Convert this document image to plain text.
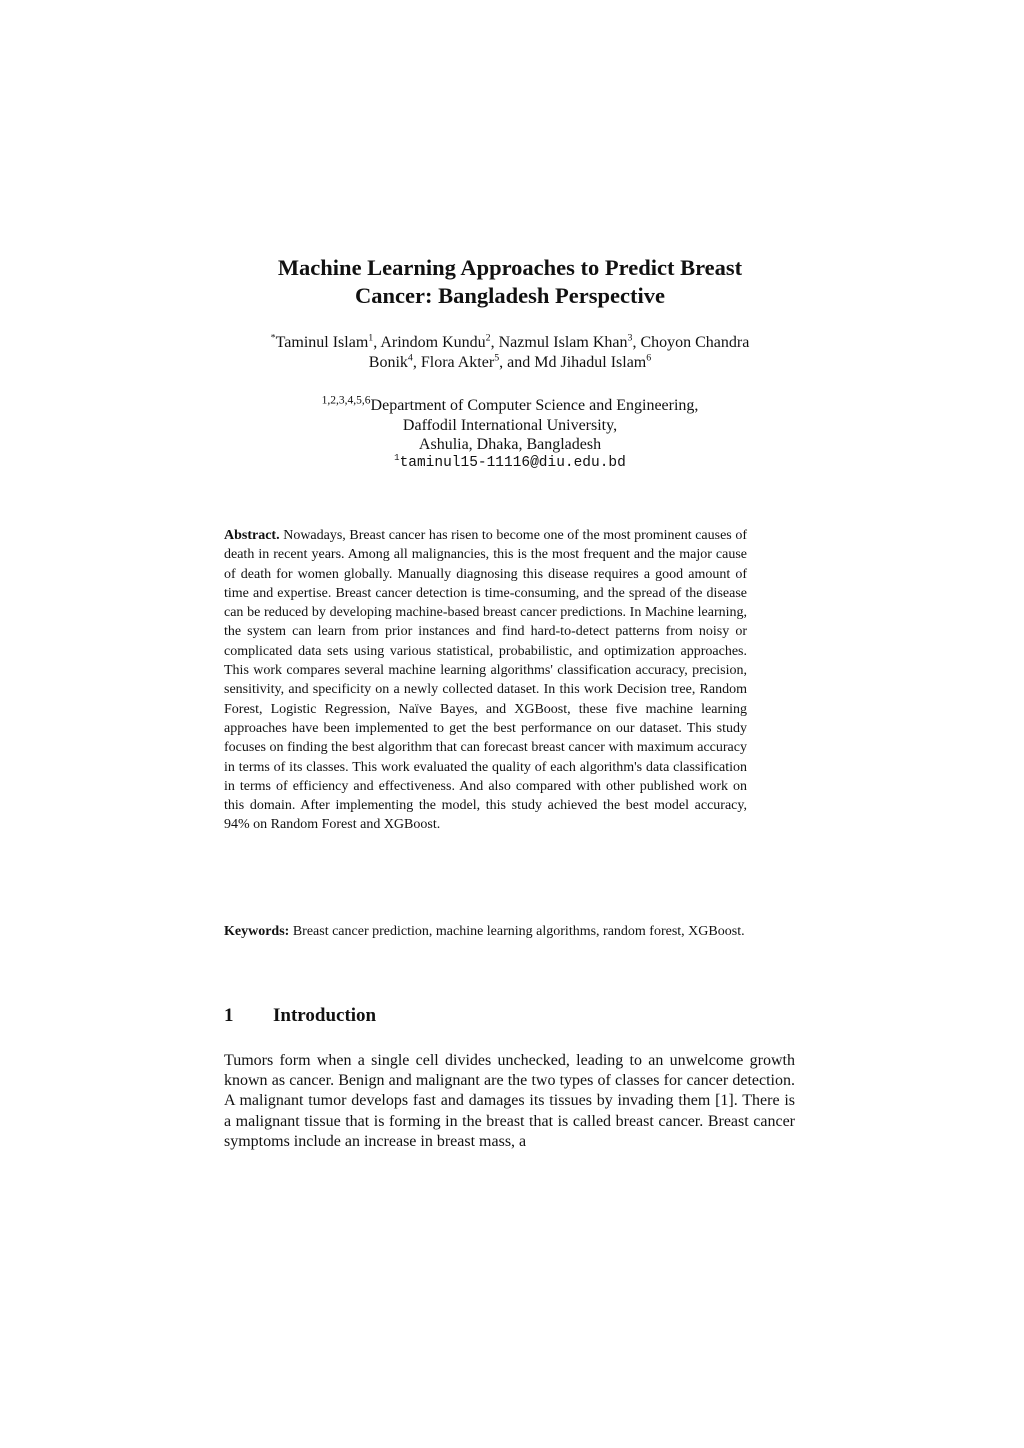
Machine Learning Approaches to Predict Breast
Cancer: Bangladesh Perspective
*Taminul Islam$^1$, Arindom Kundu$^2$, Nazmul Islam Khan$^3$, Choyon Chandra
Bonik$^4$, Flora Akter$^5$, and Md Jihadul Islam$^6$
$^{1,2,3,4,5,6}$Department of Computer Science and Engineering,
Daffodil International University,
Ashulia, Dhaka, Bangladesh
$^1$taminul15-11116@diu.edu.bd
Abstract. Nowadays, Breast cancer has risen to become one of the most prominent causes of death in recent years. Among all malignancies, this is the most frequent and the major cause of death for women globally. Manually diagnosing this disease requires a good amount of time and expertise. Breast cancer detection is time-consuming, and the spread of the disease can be reduced by developing machine-based breast cancer predictions. In Machine learning, the system can learn from prior instances and find hard-to-detect patterns from noisy or complicated data sets using various statistical, probabilistic, and optimization approaches. This work compares several machine learning algorithms' classification accuracy, precision, sensitivity, and specificity on a newly collected dataset. In this work Decision tree, Random Forest, Logistic Regression, Naïve Bayes, and XGBoost, these five machine learning approaches have been implemented to get the best performance on our dataset. This study focuses on finding the best algorithm that can forecast breast cancer with maximum accuracy in terms of its classes. This work evaluated the quality of each algorithm's data classification in terms of efficiency and effectiveness. And also compared with other published work on this domain. After implementing the model, this study achieved the best model accuracy, 94% on Random Forest and XGBoost.
Keywords: Breast cancer prediction, machine learning algorithms, random forest, XGBoost.
1 Introduction
Tumors form when a single cell divides unchecked, leading to an unwelcome growth known as cancer. Benign and malignant are the two types of classes for cancer detection. A malignant tumor develops fast and damages its tissues by invading them [1]. There is a malignant tissue that is forming in the breast that is called breast cancer. Breast cancer symptoms include an increase in breast mass, a
